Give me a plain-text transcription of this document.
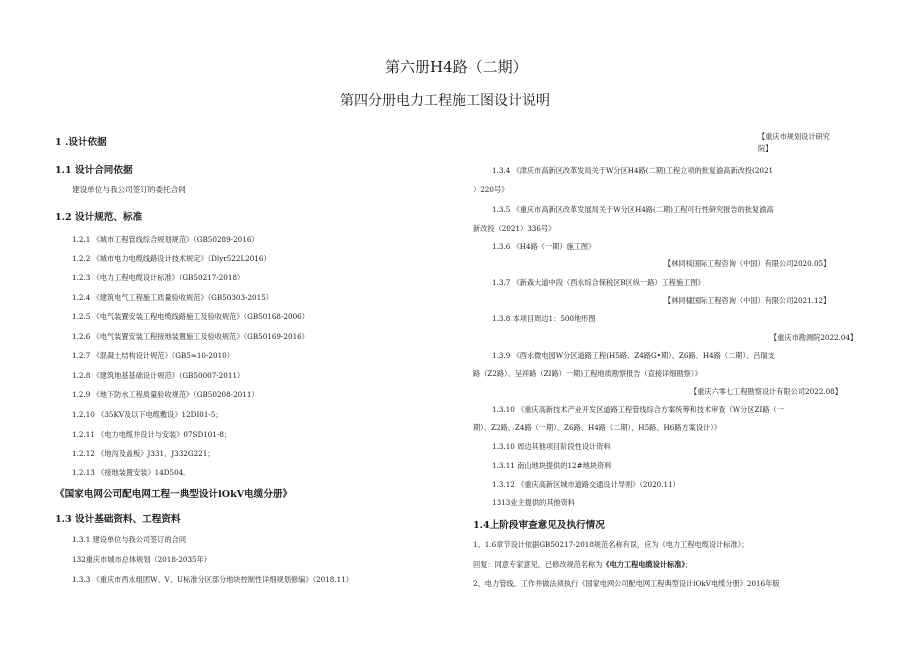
第六册H4路（二期）
第四分册电力工程施工图设计说明
1 .设计依据
1.1 设计合同依据
建设单位与我公司签订的委托合同
1.2 设计规范、标准
1.2.1 《城市工程管线综合规划规范》（GB50289-2016）
1.2.2 《城市电力电缆线路设计技术规定》（Dlyr522L2016）
1.2.3 《电力工程电缆设计标准》（GB50217-2018）
1.2.4 《建筑电气工程施工质量验收规范》（GB50303-2015）
1.2.5 《电气装置安装工程电缆线路施工及验收规范》（GB50168-2006）
1.2.6 《电气装置安装工程接地装置施工及验收规范》（GB50169-2016）
1.2.7 《混凝土结构设计规范》（GB5≈10-2010）
1.2.8 《建筑地基基础设计规范》（GB50007-2011）
1.2.9 《地下防水工程质量验收规范》（GB50208-2011）
1.2.10 《35KV及以下电缆敷设》12DI01-5；
1.2.11 《电力电缆井设计与安装》07SD101-8；
1.2.12 《地沟及盖板》J331、J332G221；
1.2.13 《接地装置安装》14D504。
《国家电网公司配电网工程一典型设计lOkV电缆分册》
1.3 设计基础资料、工程资料
1.3.1 建设单位与我公司签订的合同
132重庆市城市总体规划（2018-2035年）
1.3.3 《重庆市西永组团W、V、U标准分区部分地块控制性详细规划修编》（2018.11）
【重庆市规划设计研究
院】
1.3.4 《津庆市高新区改革发局关于W分区H4路(二期)工程立项的批复渝高新改投(2021
）220号》
1.3.5 《重庆市高新区改革发展局关于W分区H4路(二期)工程可行性研究报告的批复渝高
新改投（2021）336号》
1.3.6 《H4路（一期）施工图》
【林同棪国际工程咨询（中国）有限公司2020.05】
1.3.7 《新森大道中段（西永综合保税区B区纵一路）工程施工图》
【林同棣国际工程咨询（中国）有限公司2021.12】
1.3.8 本项目周边1：500地形图
【重庆市勘测院2022.04】
1.3.9 《西永微电园W分区道路工程(H5路、Z4路G•期）、Z6路、H4路（二期）、吕瑞支
路（Z2路）、呈祥路（ZI路）一期)工程地质勘察报告（直接详细勘察）》
【重庆六零七工程勘察设计有限公司2022.08】
1.3.10 《重庆高新技术产业开发区道路工程管线综合方案统筹和技术审查（W分区ZI路（一
期）、Z2路、Z4路（一期）、Z6路、H4路（二期）、H5路、H6路方案设计）》
1.3.10 周边其他项目阶段性设计资料
1.3.11 南山地块提供的12#地块资料
1.3.12 《重庆高新区城市道路交通设计导则》（2020.11）
1313业主提供的其他资料
1.4上阶段审查意见及执行情况
1、1.6章节设计依据GB50217-2018规范名称有误，应为《电力工程电缆设计标准》；
回复：同意专家意见，已修改规范名称为《电力工程电缆设计标准》；
2、电力管线、工作井做法须执行《国家电网公司配电网工程典型设计lOkV电缆分册》2016年版
